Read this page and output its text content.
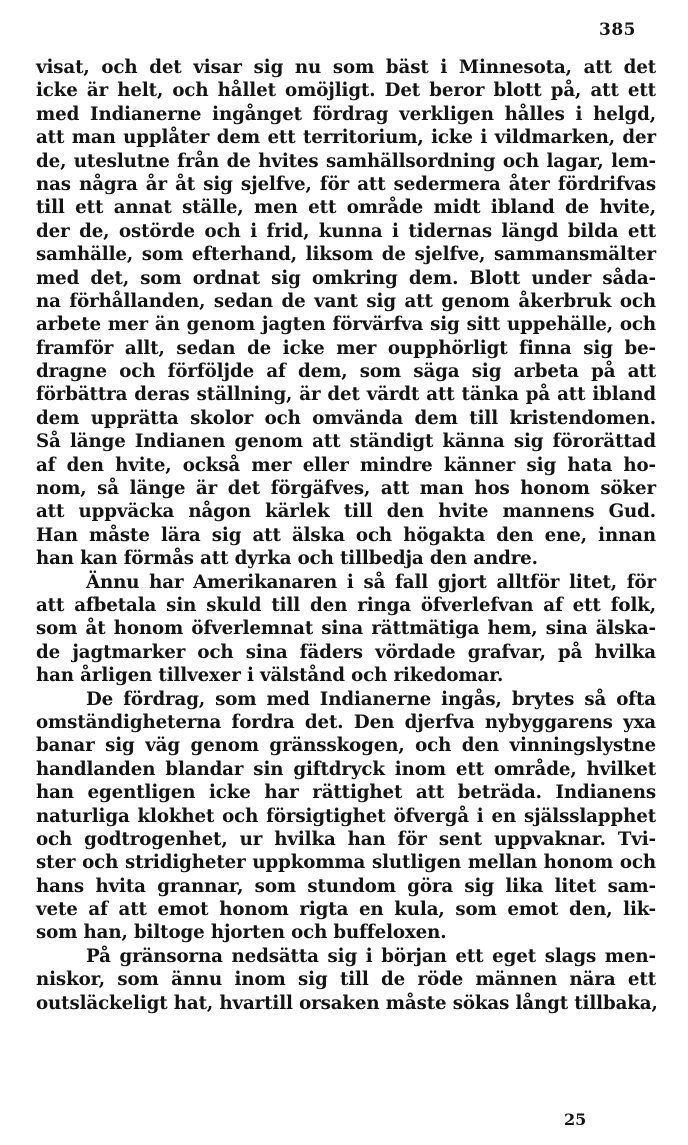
385
visat, och det visar sig nu som bäst i Minnesota, att det
icke är helt, och hållet omöjligt. Det beror blott på, att ett
med Indianerne ingånget fördrag verkligen hålles i helgd,
att man upplåter dem ett territorium, icke i vildmarken, der
de, uteslutne från de hvites samhällsordning och lagar, lem-
nas några år åt sig sjelfve, för att sedermera åter fördrifvas
till ett annat ställe, men ett område midt ibland de hvite,
der de, ostörde och i frid, kunna i tidernas längd bilda ett
samhälle, som efterhand, liksom de sjelfve, sammansmälter
med det, som ordnat sig omkring dem. Blott under såda-
na förhållanden, sedan de vant sig att genom åkerbruk och
arbete mer än genom jagten förvärfva sig sitt uppehälle, och
framför allt, sedan de icke mer oupphörligt finna sig be-
dragne och förföljde af dem, som säga sig arbeta på att
förbättra deras ställning, är det värdt att tänka på att ibland
dem upprätta skolor och omvända dem till kristendomen.
Så länge Indianen genom att ständigt känna sig förorättad
af den hvite, också mer eller mindre känner sig hata ho-
nom, så länge är det förgäfves, att man hos honom söker
att uppväcka någon kärlek till den hvite mannens Gud.
Han måste lära sig att älska och högakta den ene, innan
han kan förmås att dyrka och tillbedja den andre.
Ännu har Amerikanaren i så fall gjort alltför litet, för
att afbetala sin skuld till den ringa öfverlefvan af ett folk,
som åt honom öfverlemnat sina rättmätiga hem, sina älska-
de jagtmarker och sina fäders vördade grafvar, på hvilka
han årligen tillvexer i välstånd och rikedomar.
De fördrag, som med Indianerne ingås, brytes så ofta
omständigheterna fordra det. Den djerfva nybyggarens yxa
banar sig väg genom gränsskogen, och den vinningslystne
handlanden blandar sin giftdryck inom ett område, hvilket
han egentligen icke har rättighet att beträda. Indianens
naturliga klokhet och försigtighet öfvergå i en själsslapphet
och godtrogenhet, ur hvilka han för sent uppvaknar. Tvi-
ster och stridigheter uppkomma slutligen mellan honom och
hans hvita grannar, som stundom göra sig lika litet sam-
vete af att emot honom rigta en kula, som emot den, lik-
som han, biltoge hjorten och buffeloxen.
På gränsorna nedsätta sig i början ett eget slags men-
niskor, som ännu inom sig till de röde männen nära ett
outsläckeligt hat, hvartill orsaken måste sökas långt tillbaka,
25
